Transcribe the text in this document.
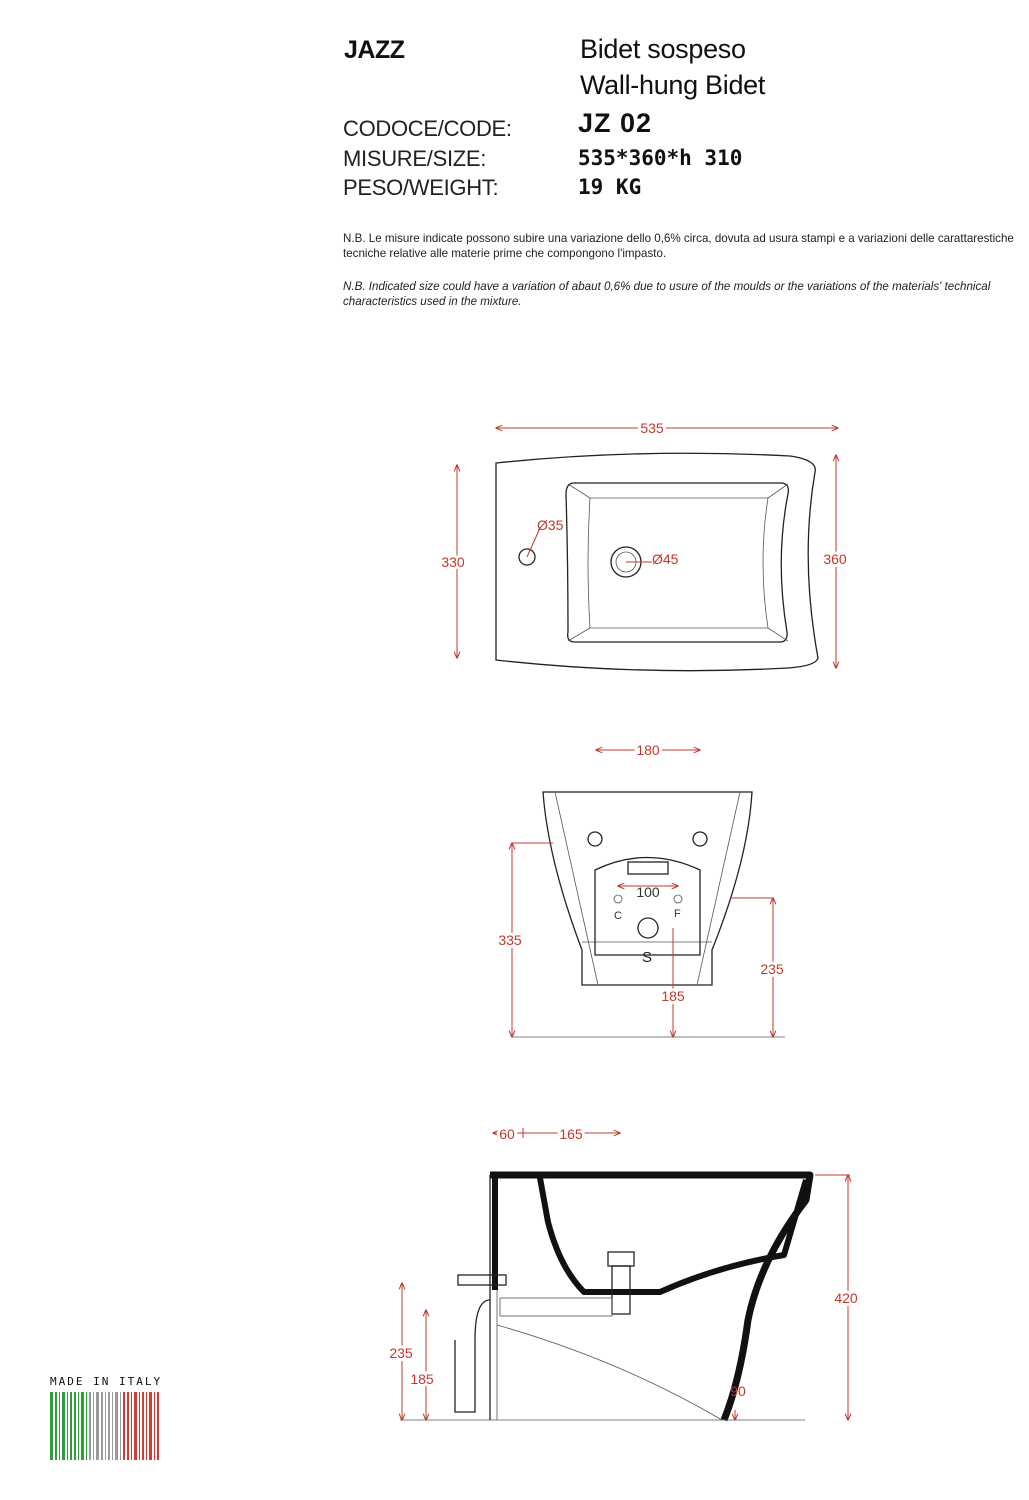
JAZZ	Bidet sospeso
Wall-hung Bidet
CODOCE/CODE: JZ 02
MISURE/SIZE:	535*360*h 310
PESO/WEIGHT:	19 KG
N.B. Le misure indicate possono subire una variazione dello 0,6% circa, dovuta ad usura stampi e a variazioni delle carattarestiche tecniche relative alle materie prime che compongono l'impasto.
N.B. Indicated size could have a variation of abaut 0,6% due to usure of the moulds or the variations of the materials' technical characteristics used in the mixture.
535
Ø35
Ø45
330	360
180
100
C	F
S
335
235
185
60	165
420
235
185
90
MADE IN ITALY
